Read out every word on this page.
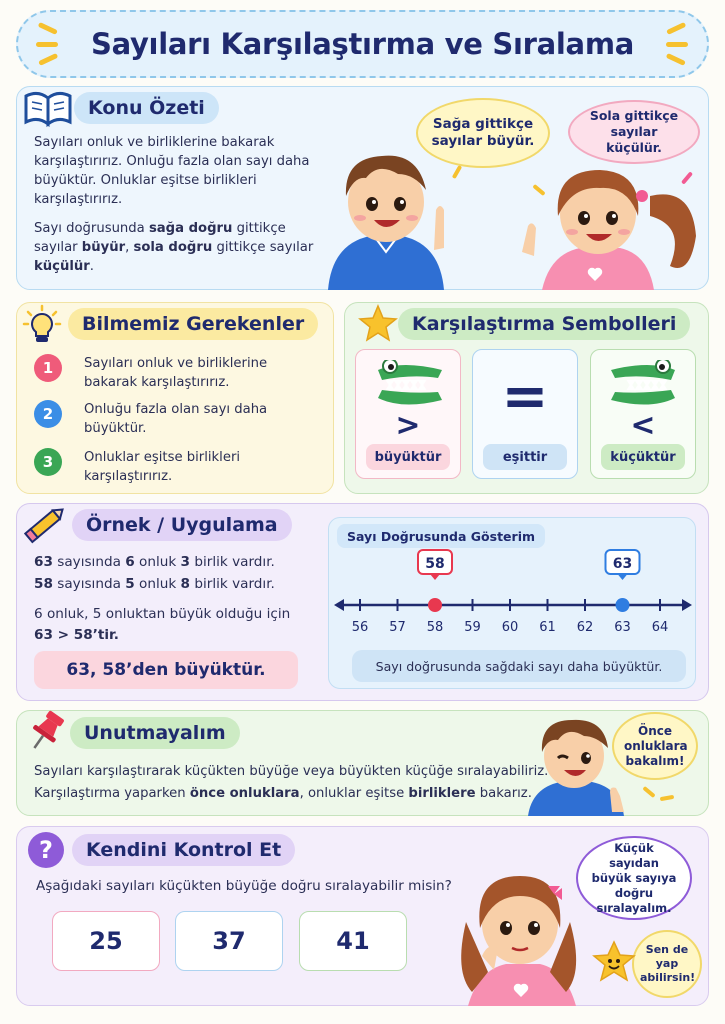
Sayıları Karşılaştırma ve Sıralama
Konu Özeti

Sayıları onluk ve birliklerine bakarak karşılaştırırız. Onluğu fazla olan sayı daha büyüktür. Onluklar eşitse birlikleri karşılaştırırız.

Sayı doğrusunda sağa doğru gittikçe sayılar büyür, sola doğru gittikçe sayılar küçülür.

Sağa gittikçe sayılar büyür.
Sola gittikçe sayılar küçülür.
Bilmemiz Gerekenler
1	Sayıları onluk ve birliklerine bakarak karşılaştırırız.
2	Onluğu fazla olan sayı daha büyüktür.
3	Onluklar eşitse birlikleri karşılaştırırız.
Karşılaştırma Sembolleri
>
büyüktür
=
eşittir
<
küçüktür
Örnek / Uygulama
63 sayısında 6 onluk 3 birlik vardır.
58 sayısında 5 onluk 8 birlik vardır.
6 onluk, 5 onluktan büyük olduğu için
63 > 58’tir.
63, 58’den büyüktür.
Sayı Doğrusunda Gösterim
56 57 58 59 60 61 62 63 64
58	63
Sayı doğrusunda sağdaki sayı daha büyüktür.
Unutmayalım
Sayıları karşılaştırarak küçükten büyüğe veya büyükten küçüğe sıralayabiliriz.
Karşılaştırma yaparken önce onluklara, onluklar eşitse birliklere bakarız.
Önce onluklara bakalım!
?	Kendini Kontrol Et
Aşağıdaki sayıları küçükten büyüğe doğru sıralayabilir misin?
25	37	41
Küçük sayıdan büyük sayıya doğru sıralayalım.
Sen de yap abilirsin!
